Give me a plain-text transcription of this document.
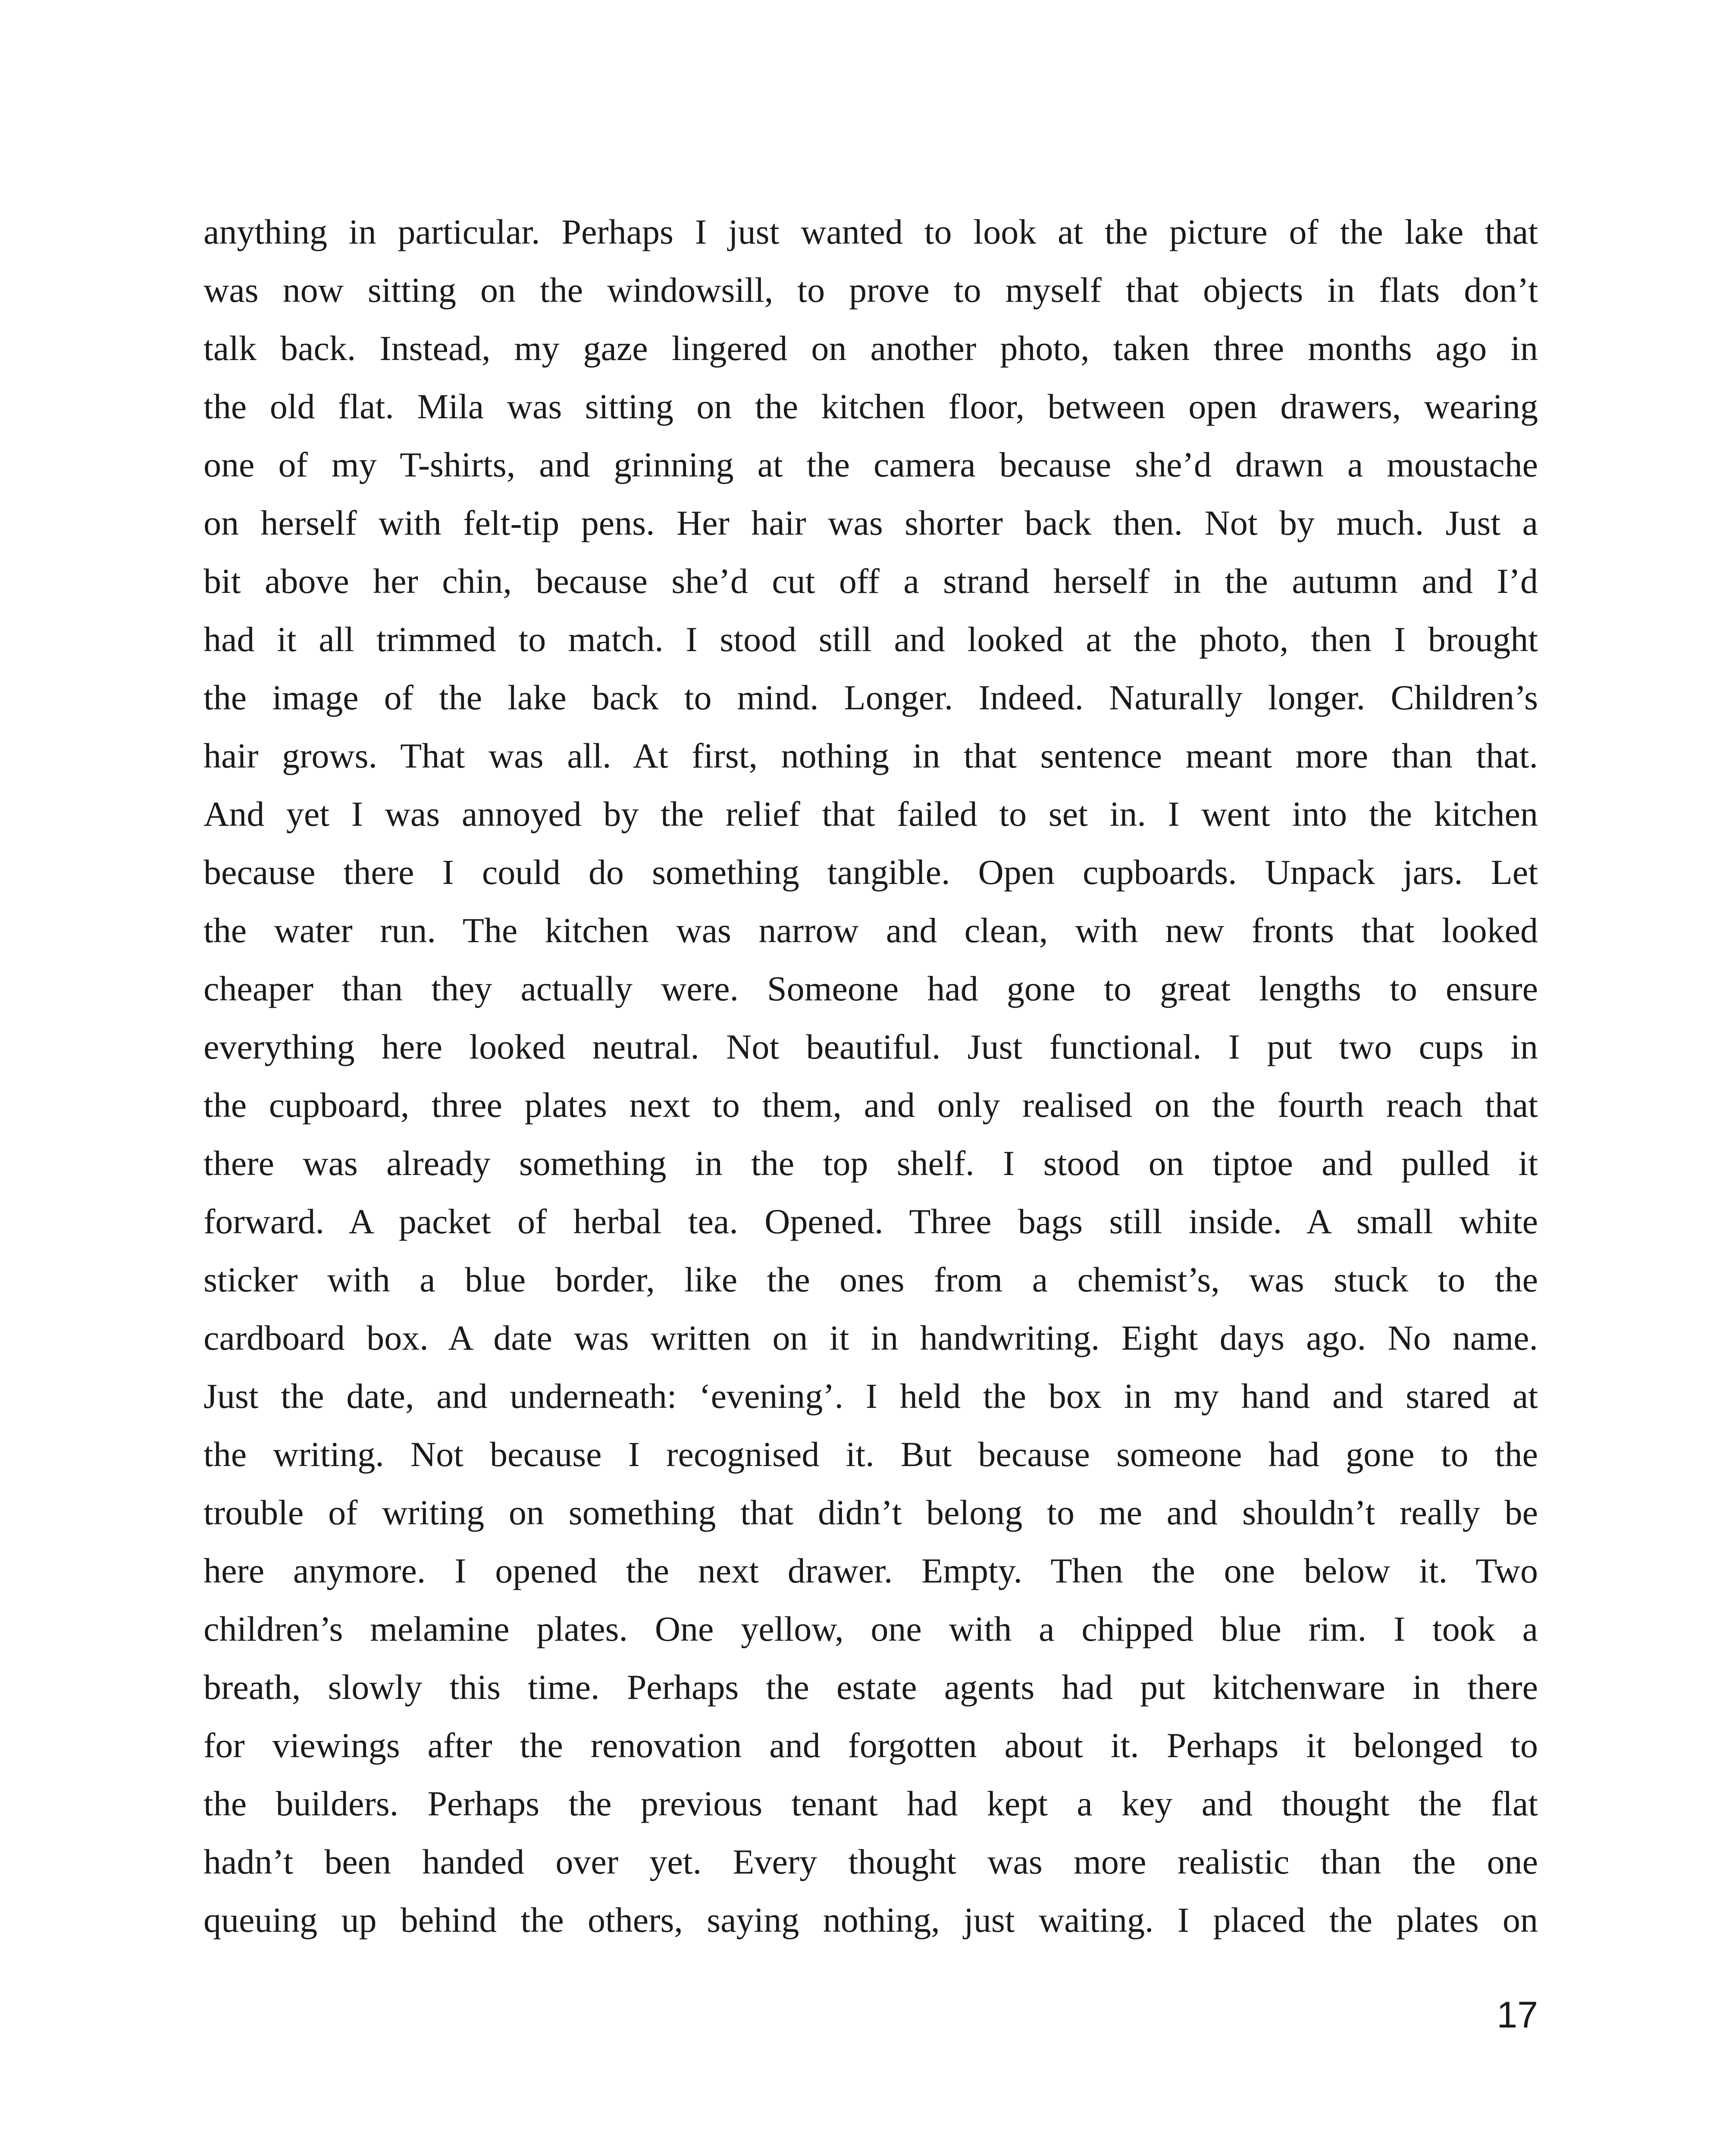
anything in particular. Perhaps I just wanted to look at the picture of the lake that
was now sitting on the windowsill, to prove to myself that objects in flats don’t
talk back. Instead, my gaze lingered on another photo, taken three months ago in
the old flat. Mila was sitting on the kitchen floor, between open drawers, wearing
one of my T-shirts, and grinning at the camera because she’d drawn a moustache
on herself with felt-tip pens. Her hair was shorter back then. Not by much. Just a
bit above her chin, because she’d cut off a strand herself in the autumn and I’d
had it all trimmed to match. I stood still and looked at the photo, then I brought
the image of the lake back to mind. Longer. Indeed. Naturally longer. Children’s
hair grows. That was all. At first, nothing in that sentence meant more than that.
And yet I was annoyed by the relief that failed to set in. I went into the kitchen
because there I could do something tangible. Open cupboards. Unpack jars. Let
the water run. The kitchen was narrow and clean, with new fronts that looked
cheaper than they actually were. Someone had gone to great lengths to ensure
everything here looked neutral. Not beautiful. Just functional. I put two cups in
the cupboard, three plates next to them, and only realised on the fourth reach that
there was already something in the top shelf. I stood on tiptoe and pulled it
forward. A packet of herbal tea. Opened. Three bags still inside. A small white
sticker with a blue border, like the ones from a chemist’s, was stuck to the
cardboard box. A date was written on it in handwriting. Eight days ago. No name.
Just the date, and underneath: ‘evening’. I held the box in my hand and stared at
the writing. Not because I recognised it. But because someone had gone to the
trouble of writing on something that didn’t belong to me and shouldn’t really be
here anymore. I opened the next drawer. Empty. Then the one below it. Two
children’s melamine plates. One yellow, one with a chipped blue rim. I took a
breath, slowly this time. Perhaps the estate agents had put kitchenware in there
for viewings after the renovation and forgotten about it. Perhaps it belonged to
the builders. Perhaps the previous tenant had kept a key and thought the flat
hadn’t been handed over yet. Every thought was more realistic than the one
queuing up behind the others, saying nothing, just waiting. I placed the plates on
17
